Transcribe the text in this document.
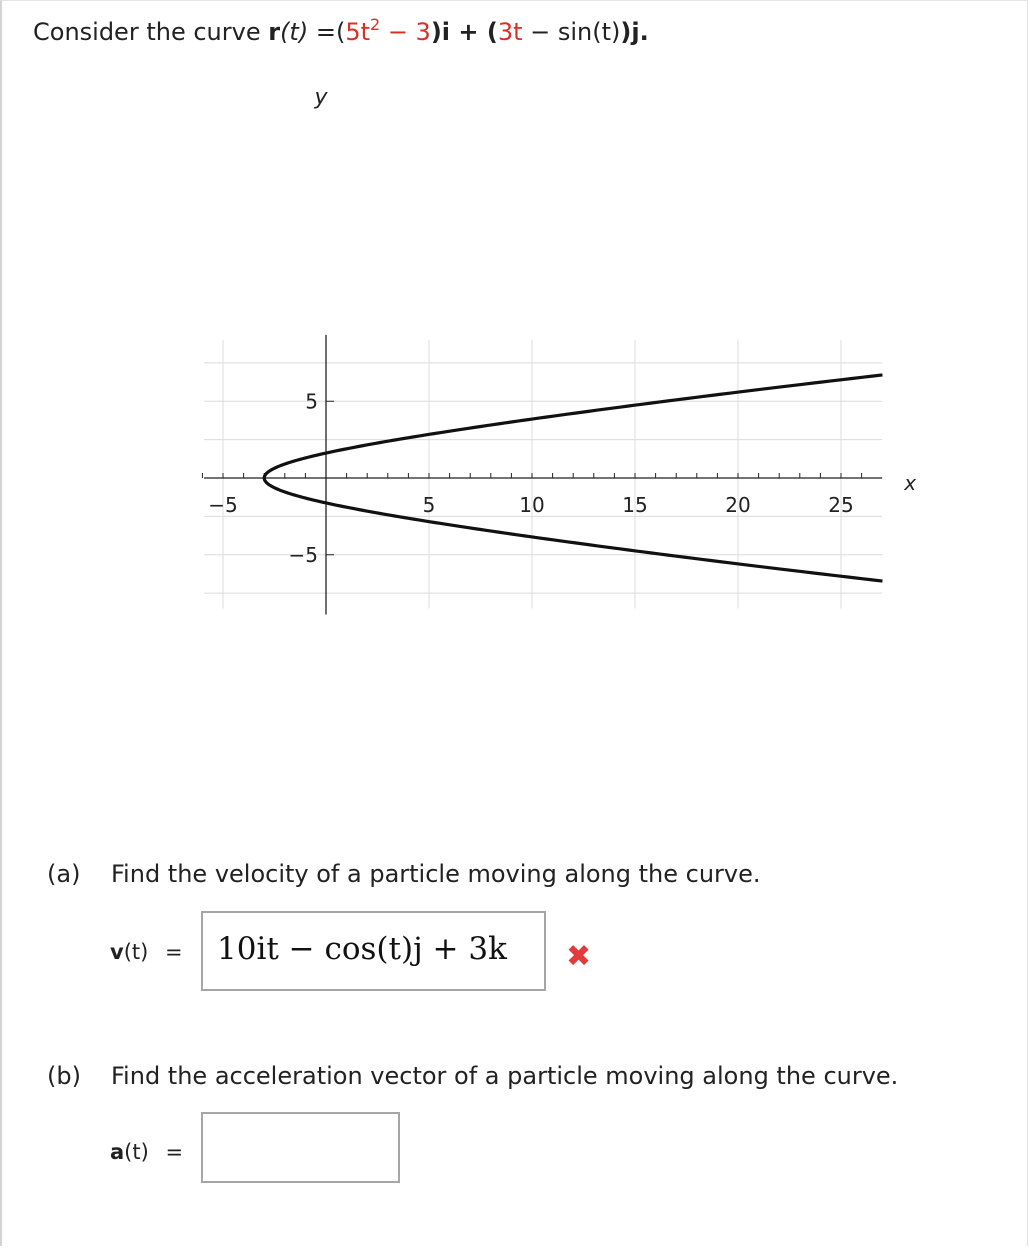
Consider the curve $r(t) =(5t^2 - 3)i + (3t - \sin(t))j$.
−5	5	10	15	20	25
5
−5
x
y
(a) Find the velocity of a particle moving along the curve.
v(t) =	10it − cos(t)j + 3k	✖
(b) Find the acceleration vector of a particle moving along the curve.
a(t) =
